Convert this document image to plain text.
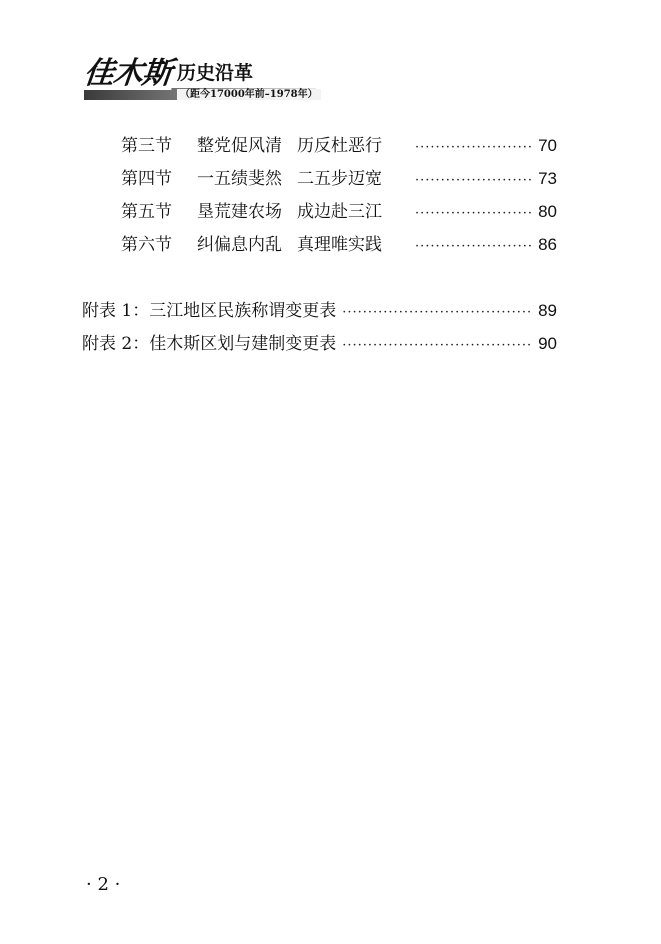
佳木斯 历史沿革
（距今17000年前–1978年）
第三节	整党促风清 历反杜恶行 ·····	70
第四节	一五绩斐然 二五步迈宽 ·····	73
第五节	垦荒建农场 成边赴三江 ·····	80
第六节	纠偏息内乱 真理唯实践 ·····	86
附表 1：三江地区民族称谓变更表 ·····	89
附表 2：佳木斯区划与建制变更表 ·····	90
· 2 ·
